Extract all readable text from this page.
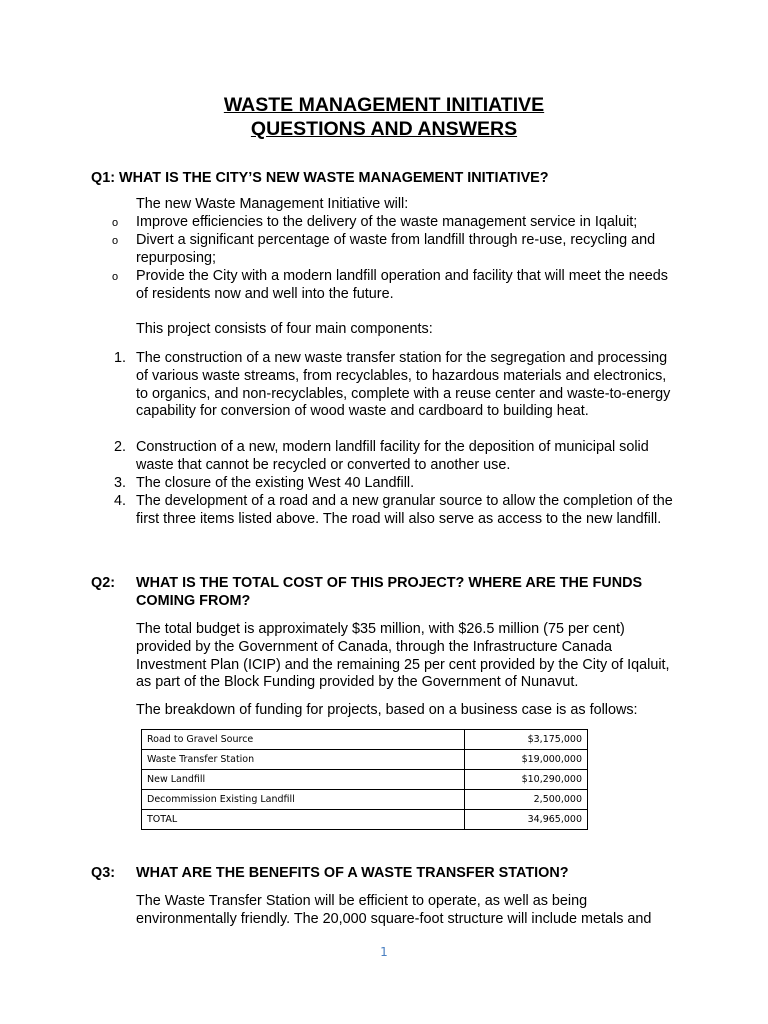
WASTE MANAGEMENT INITIATIVE
QUESTIONS AND ANSWERS
Q1: WHAT IS THE CITY’S NEW WASTE MANAGEMENT INITIATIVE?
The new Waste Management Initiative will:
o Improve efficiencies to the delivery of the waste management service in Iqaluit;
o Divert a significant percentage of waste from landfill through re-use, recycling and repurposing;
o Provide the City with a modern landfill operation and facility that will meet the needs of residents now and well into the future.
This project consists of four main components:
1. The construction of a new waste transfer station for the segregation and processing of various waste streams, from recyclables, to hazardous materials and electronics, to organics, and non-recyclables, complete with a reuse center and waste-to-energy capability for conversion of wood waste and cardboard to building heat.
2. Construction of a new, modern landfill facility for the deposition of municipal solid waste that cannot be recycled or converted to another use.
3. The closure of the existing West 40 Landfill.
4. The development of a road and a new granular source to allow the completion of the first three items listed above. The road will also serve as access to the new landfill.
Q2: WHAT IS THE TOTAL COST OF THIS PROJECT? WHERE ARE THE FUNDS COMING FROM?
The total budget is approximately $35 million, with $26.5 million (75 per cent) provided by the Government of Canada, through the Infrastructure Canada Investment Plan (ICIP) and the remaining 25 per cent provided by the City of Iqaluit, as part of the Block Funding provided by the Government of Nunavut.
The breakdown of funding for projects, based on a business case is as follows:
Road to Gravel Source	$3,175,000
Waste Transfer Station	$19,000,000
New Landfill	$10,290,000
Decommission Existing Landfill	2,500,000
TOTAL	34,965,000
Q3: WHAT ARE THE BENEFITS OF A WASTE TRANSFER STATION?
The Waste Transfer Station will be efficient to operate, as well as being environmentally friendly. The 20,000 square-foot structure will include metals and
1
